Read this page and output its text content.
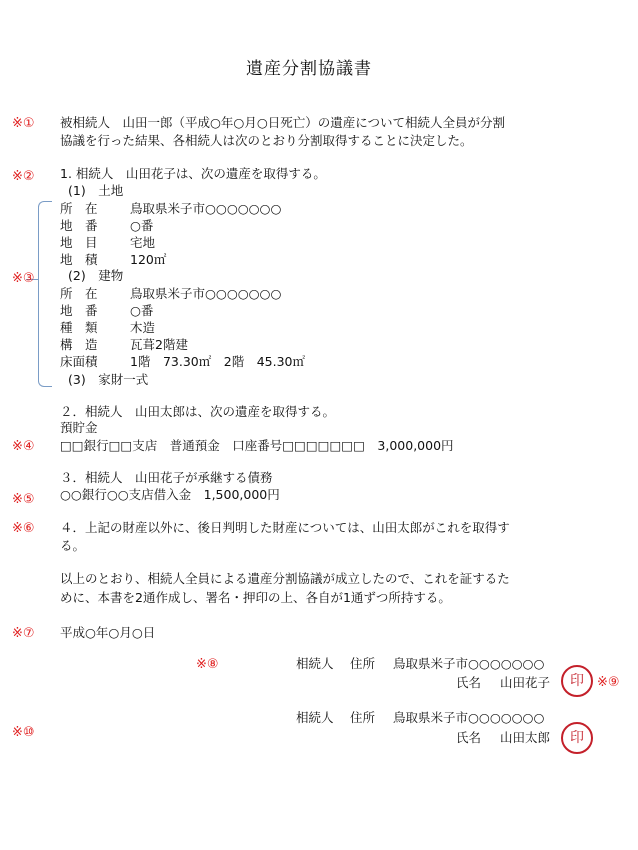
遺産分割協議書
※① 被相続人　山田一郎（平成○年○月○日死亡）の遺産について相続人全員が分割
協議を行った結果、各相続人は次のとおり分割取得することに決定した。
※② 1. 相続人　山田花子は、次の遺産を取得する。
※③
(1)　土地
所　在	鳥取県米子市○○○○○○○
地　番	○番
地　目	宅地
地　積	120㎡
(2)　建物
所　在	鳥取県米子市○○○○○○○
地　番	○番
種　類	木造
構　造	瓦葺2階建
床面積	1階　73.30㎡　2階　45.30㎡
(3)　家財一式
２．相続人　山田太郎は、次の遺産を取得する。
預貯金
※④ □□銀行□□支店　普通預金　口座番号□□□□□□□　3,000,000円
３．相続人　山田花子が承継する債務
※⑤ ○○銀行○○支店借入金　1,500,000円
※⑥ ４．上記の財産以外に、後日判明した財産については、山田太郎がこれを取得す
る。
以上のとおり、相続人全員による遺産分割協議が成立したので、これを証するた
めに、本書を2通作成し、署名・押印の上、各自が1通ずつ所持する。
※⑦ 平成○年○月○日
※⑧	相続人 住所 鳥取県米子市○○○○○○○
氏名 山田花子 印 ※⑨
相続人 住所 鳥取県米子市○○○○○○○
※⑩	氏名 山田太郎 印
